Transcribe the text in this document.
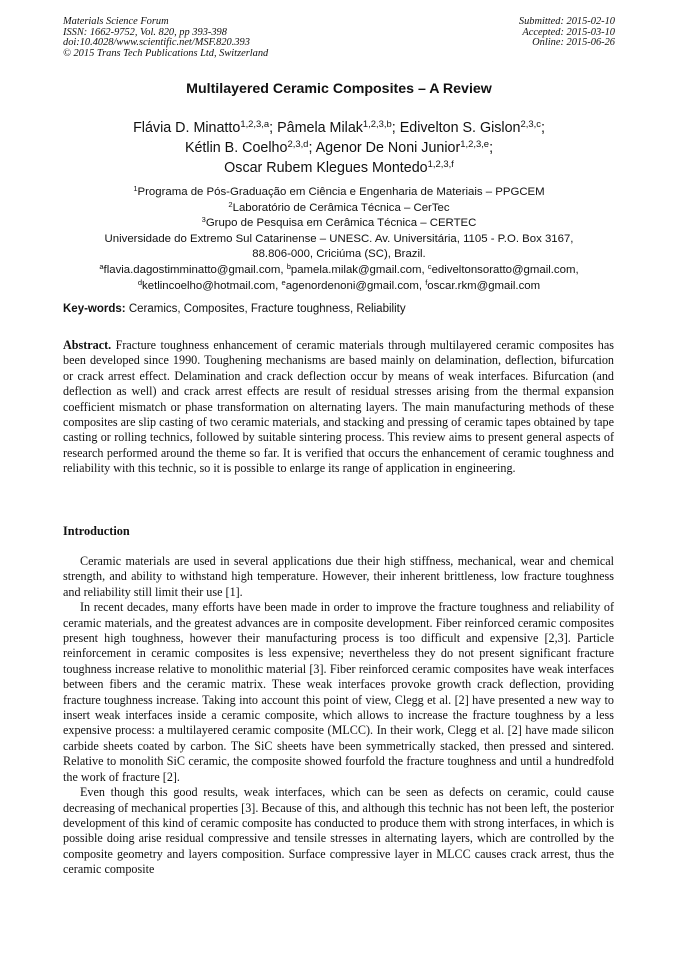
Materials Science Forum
ISSN: 1662-9752, Vol. 820, pp 393-398
doi:10.4028/www.scientific.net/MSF.820.393
© 2015 Trans Tech Publications Ltd, Switzerland
Submitted: 2015-02-10
Accepted: 2015-03-10
Online: 2015-06-26
Multilayered Ceramic Composites – A Review
Flávia D. Minatto$^{1,2,3,a}$; Pâmela Milak$^{1,2,3,b}$; Edivelton S. Gislon$^{2,3,c}$;
Kétlin B. Coelho$^{2,3,d}$; Agenor De Noni Junior$^{1,2,3,e}$;
Oscar Rubem Klegues Montedo$^{1,2,3,f}$
$^1$Programa de Pós-Graduação em Ciência e Engenharia de Materiais – PPGCEM
$^2$Laboratório de Cerâmica Técnica – CerTec
$^3$Grupo de Pesquisa em Cerâmica Técnica – CERTEC
Universidade do Extremo Sul Catarinense – UNESC. Av. Universitária, 1105 - P.O. Box 3167,
88.806-000, Criciúma (SC), Brazil.
$^a$flavia.dagostimminatto@gmail.com, $^b$pamela.milak@gmail.com, $^c$ediveltonsoratto@gmail.com,
$^d$ketlincoelho@hotmail.com, $^e$agenordenoni@gmail.com, $^f$oscar.rkm@gmail.com
Key-words: Ceramics, Composites, Fracture toughness, Reliability

Abstract. Fracture toughness enhancement of ceramic materials through multilayered ceramic composites has been developed since 1990. Toughening mechanisms are based mainly on delamination, deflection, bifurcation or crack arrest effect. Delamination and crack deflection occur by means of weak interfaces. Bifurcation (and deflection as well) and crack arrest effects are result of residual stresses arising from the thermal expansion coefficient mismatch or phase transformation on alternating layers. The main manufacturing methods of these composites are slip casting of two ceramic materials, and stacking and pressing of ceramic tapes obtained by tape casting or rolling technics, followed by suitable sintering process. This review aims to present general aspects of research performed around the theme so far. It is verified that occurs the enhancement of ceramic toughness and reliability with this technic, so it is possible to enlarge its range of application in engineering.

Introduction

Ceramic materials are used in several applications due their high stiffness, mechanical, wear and chemical strength, and ability to withstand high temperature. However, their inherent brittleness, low fracture toughness and reliability still limit their use [1].

In recent decades, many efforts have been made in order to improve the fracture toughness and reliability of ceramic materials, and the greatest advances are in composite development. Fiber reinforced ceramic composites present high toughness, however their manufacturing process is too difficult and expensive [2,3]. Particle reinforcement in ceramic composites is less expensive; nevertheless they do not present significant fracture toughness increase relative to monolithic material [3]. Fiber reinforced ceramic composites have weak interfaces between fibers and the ceramic matrix. These weak interfaces provoke growth crack deflection, providing fracture toughness increase. Taking into account this point of view, Clegg et al. [2] have presented a new way to insert weak interfaces inside a ceramic composite, which allows to increase the fracture toughness by a less expensive process: a multilayered ceramic composite (MLCC). In their work, Clegg et al. [2] have made silicon carbide sheets coated by carbon. The SiC sheets have been symmetrically stacked, then pressed and sintered. Relative to monolith SiC ceramic, the composite showed fourfold the fracture toughness and until a hundredfold the work of fracture [2].

Even though this good results, weak interfaces, which can be seen as defects on ceramic, could cause decreasing of mechanical properties [3]. Because of this, and although this technic has not been left, the posterior development of this kind of ceramic composite has conducted to produce them with strong interfaces, in which is possible doing arise residual compressive and tensile stresses in alternating layers, which are controlled by the composite geometry and layers composition. Surface compressive layer in MLCC causes crack arrest, thus the ceramic composite
